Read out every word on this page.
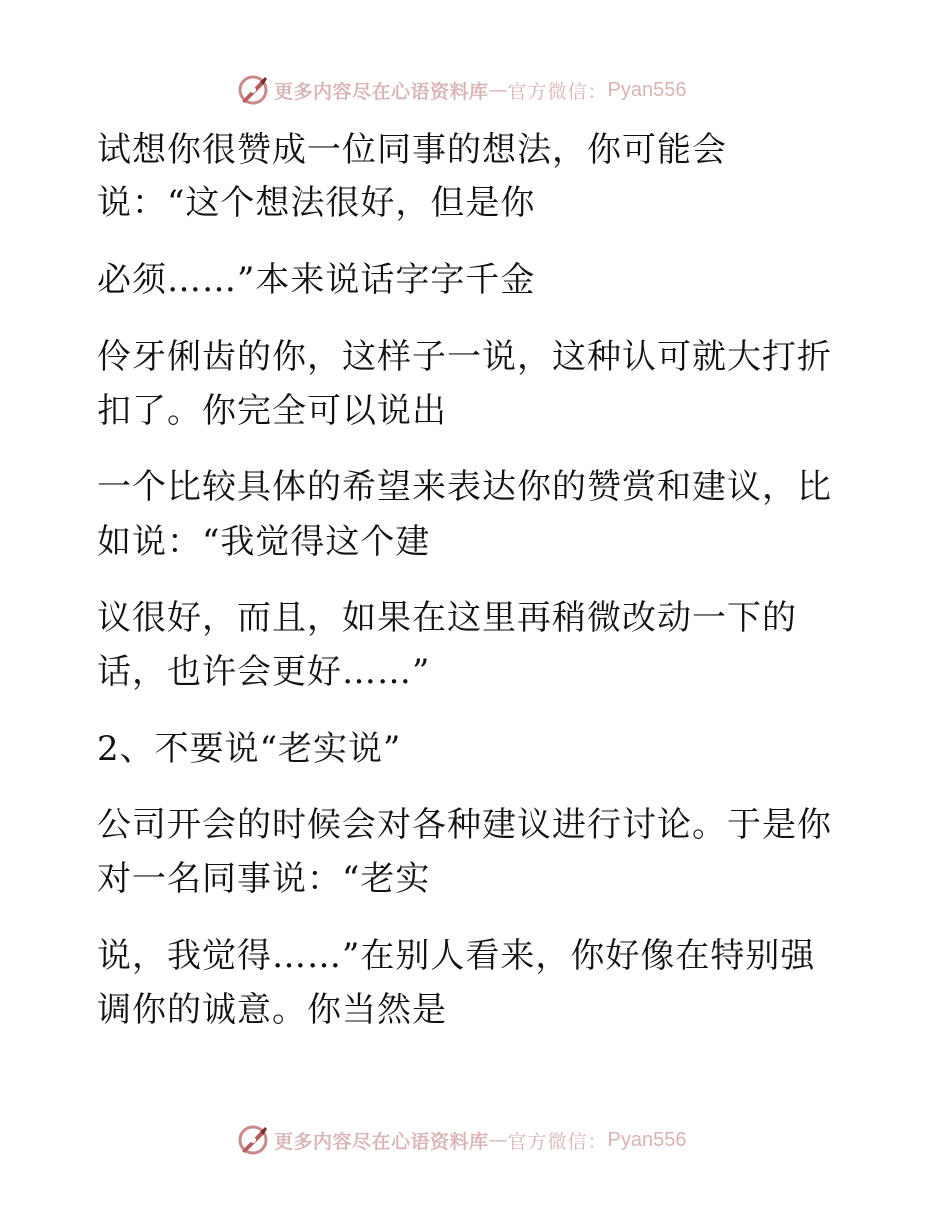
更多内容尽在心语资料库 — 官方微信： Pyan556
试想你很赞成一位同事的想法，你可能会
说：“这个想法很好，但是你
必须……”本来说话字字千金
伶牙俐齿的你，这样子一说，这种认可就大打折
扣了。你完全可以说出
一个比较具体的希望来表达你的赞赏和建议，比
如说：“我觉得这个建
议很好，而且，如果在这里再稍微改动一下的
话，也许会更好……”
2、不要说“老实说”
公司开会的时候会对各种建议进行讨论。于是你
对一名同事说：“老实
说，我觉得……”在别人看来，你好像在特别强
调你的诚意。你当然是
更多内容尽在心语资料库 — 官方微信： Pyan556
